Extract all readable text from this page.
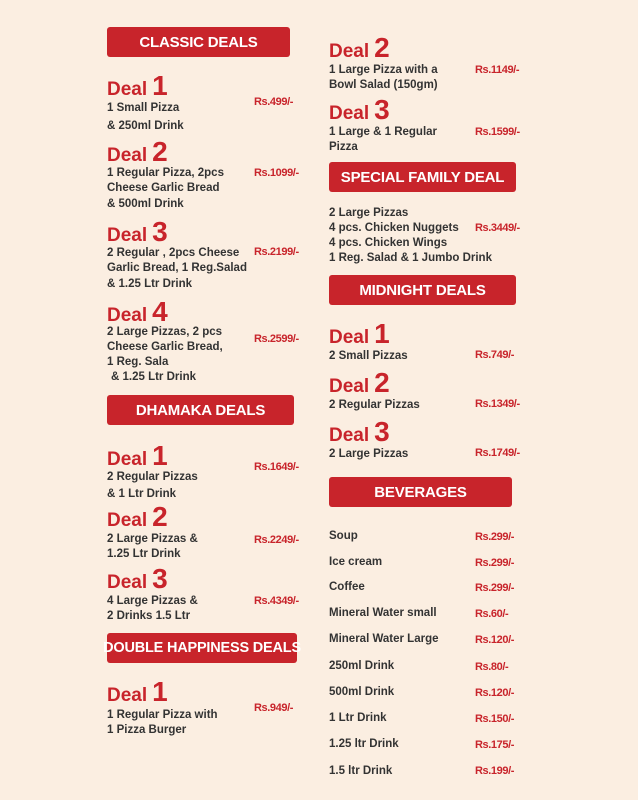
CLASSIC DEALS
Deal 1
1 Small Pizza
& 250ml Drink
Rs.499/-
Deal 2
1 Regular Pizza, 2pcs
Cheese Garlic Bread
& 500ml Drink
Rs.1099/-
Deal 3
2 Regular , 2pcs Cheese
Garlic Bread, 1 Reg.Salad
& 1.25 Ltr Drink
Rs.2199/-
Deal 4
2 Large Pizzas, 2 pcs
Cheese Garlic Bread,
1 Reg. Sala
& 1.25 Ltr Drink
Rs.2599/-
DHAMAKA DEALS
Deal 1
2 Regular Pizzas
& 1 Ltr Drink
Rs.1649/-
Deal 2
2 Large Pizzas &
1.25 Ltr Drink
Rs.2249/-
Deal 3
4 Large Pizzas &
2 Drinks 1.5 Ltr
Rs.4349/-
DOUBLE HAPPINESS DEALS
Deal 1
1 Regular Pizza with
1 Pizza Burger
Rs.949/-
Deal 2
1 Large Pizza with a
Bowl Salad (150gm)
Rs.1149/-
Deal 3
1 Large & 1 Regular
Pizza
Rs.1599/-
SPECIAL FAMILY DEAL
2 Large Pizzas
4 pcs. Chicken Nuggets
4 pcs. Chicken Wings
1 Reg. Salad & 1 Jumbo Drink
Rs.3449/-
MIDNIGHT DEALS
Deal 1
2 Small Pizzas	Rs.749/-
Deal 2
2 Regular Pizzas	Rs.1349/-
Deal 3
2 Large Pizzas	Rs.1749/-
BEVERAGES
Soup	Rs.299/-
Ice cream	Rs.299/-
Coffee	Rs.299/-
Mineral Water small	Rs.60/-
Mineral Water Large	Rs.120/-
250ml Drink	Rs.80/-
500ml Drink	Rs.120/-
1 Ltr Drink	Rs.150/-
1.25 ltr Drink	Rs.175/-
1.5 ltr Drink	Rs.199/-
